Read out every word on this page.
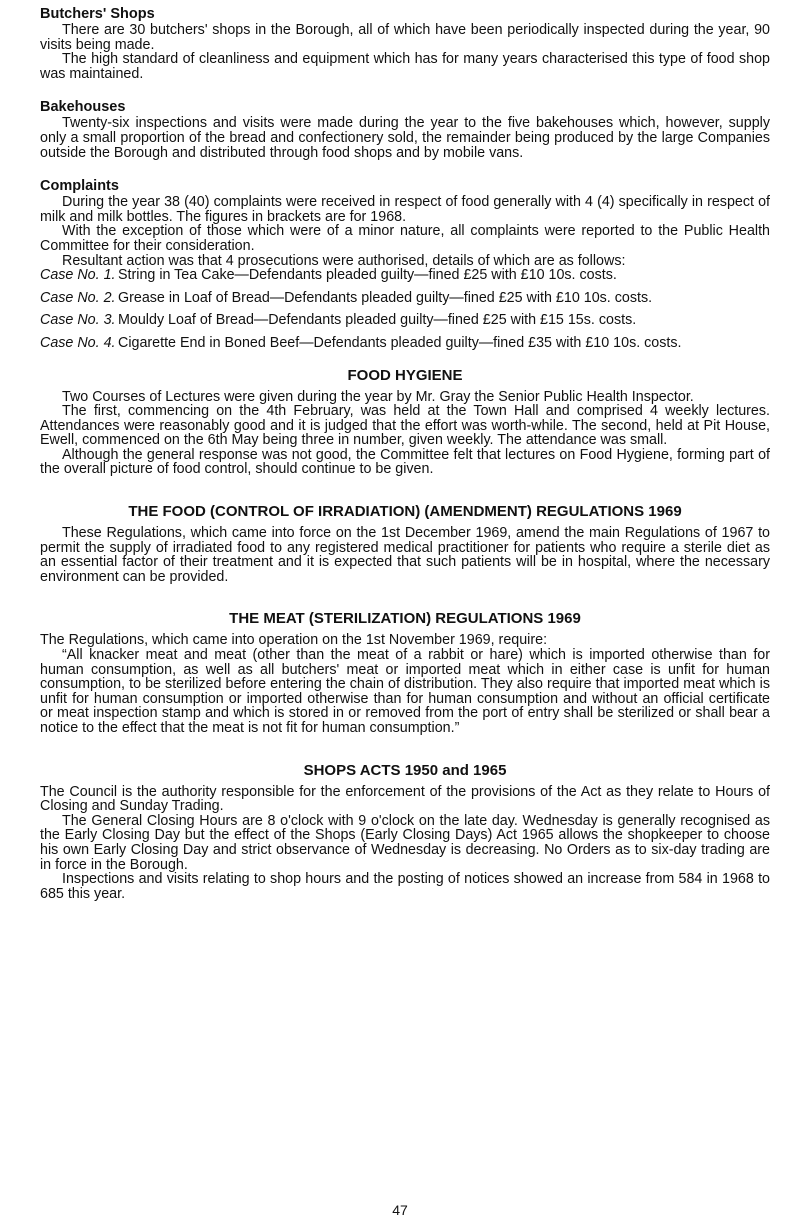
Butchers' Shops

There are 30 butchers' shops in the Borough, all of which have been periodically inspected during the year, 90 visits being made.

The high standard of cleanliness and equipment which has for many years characterised this type of food shop was maintained.

Bakehouses

Twenty-six inspections and visits were made during the year to the five bakehouses which, however, supply only a small proportion of the bread and confectionery sold, the remainder being produced by the large Companies outside the Borough and distributed through food shops and by mobile vans.

Complaints

During the year 38 (40) complaints were received in respect of food generally with 4 (4) specifically in respect of milk and milk bottles. The figures in brackets are for 1968.

With the exception of those which were of a minor nature, all complaints were reported to the Public Health Committee for their consideration.

Resultant action was that 4 prosecutions were authorised, details of which are as follows:

Case No. 1. String in Tea Cake—Defendants pleaded guilty—fined £25 with £10 10s. costs.
Case No. 2. Grease in Loaf of Bread—Defendants pleaded guilty—fined £25 with £10 10s. costs.
Case No. 3. Mouldy Loaf of Bread—Defendants pleaded guilty—fined £25 with £15 15s. costs.
Case No. 4. Cigarette End in Boned Beef—Defendants pleaded guilty—fined £35 with £10 10s. costs.
FOOD HYGIENE

Two Courses of Lectures were given during the year by Mr. Gray the Senior Public Health Inspector.

The first, commencing on the 4th February, was held at the Town Hall and comprised 4 weekly lectures. Attendances were reasonably good and it is judged that the effort was worth-while. The second, held at Pit House, Ewell, commenced on the 6th May being three in number, given weekly. The attendance was small.

Although the general response was not good, the Committee felt that lectures on Food Hygiene, forming part of the overall picture of food control, should continue to be given.

THE FOOD (CONTROL OF IRRADIATION) (AMENDMENT) REGULATIONS 1969

These Regulations, which came into force on the 1st December 1969, amend the main Regulations of 1967 to permit the supply of irradiated food to any registered medical practitioner for patients who require a sterile diet as an essential factor of their treatment and it is expected that such patients will be in hospital, where the necessary environment can be provided.

THE MEAT (STERILIZATION) REGULATIONS 1969

The Regulations, which came into operation on the 1st November 1969, require:

“All knacker meat and meat (other than the meat of a rabbit or hare) which is imported otherwise than for human consumption, as well as all butchers' meat or imported meat which in either case is unfit for human consumption, to be sterilized before entering the chain of distribution. They also require that imported meat which is unfit for human consumption or imported otherwise than for human consumption and without an official certificate or meat inspection stamp and which is stored in or removed from the port of entry shall be sterilized or shall bear a notice to the effect that the meat is not fit for human consumption.”

SHOPS ACTS 1950 and 1965

The Council is the authority responsible for the enforcement of the provisions of the Act as they relate to Hours of Closing and Sunday Trading.

The General Closing Hours are 8 o'clock with 9 o'clock on the late day. Wednesday is generally recognised as the Early Closing Day but the effect of the Shops (Early Closing Days) Act 1965 allows the shopkeeper to choose his own Early Closing Day and strict observance of Wednesday is decreasing. No Orders as to six-day trading are in force in the Borough.

Inspections and visits relating to shop hours and the posting of notices showed an increase from 584 in 1968 to 685 this year.

47
